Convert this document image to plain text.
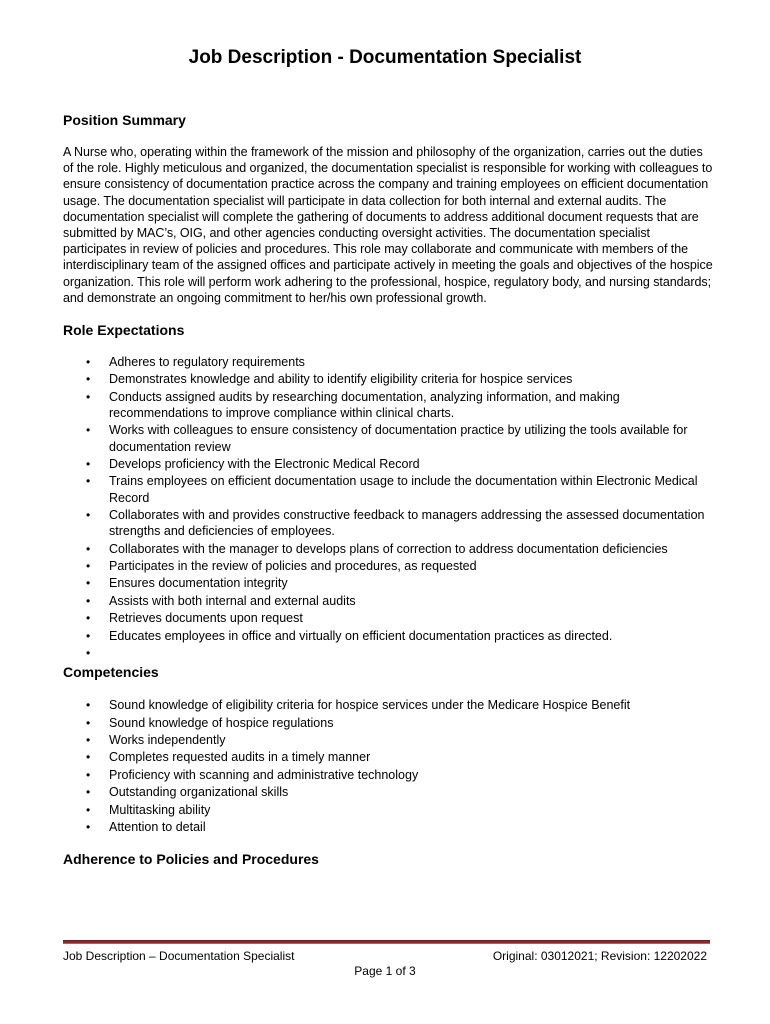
Job Description - Documentation Specialist
Position Summary

A Nurse who, operating within the framework of the mission and philosophy of the organization, carries out the duties of the role. Highly meticulous and organized, the documentation specialist is responsible for working with colleagues to ensure consistency of documentation practice across the company and training employees on efficient documentation usage. The documentation specialist will participate in data collection for both internal and external audits. The documentation specialist will complete the gathering of documents to address additional document requests that are submitted by MAC’s, OIG, and other agencies conducting oversight activities. The documentation specialist participates in review of policies and procedures. This role may collaborate and communicate with members of the interdisciplinary team of the assigned offices and participate actively in meeting the goals and objectives of the hospice organization. This role will perform work adhering to the professional, hospice, regulatory body, and nursing standards; and demonstrate an ongoing commitment to her/his own professional growth.

Role Expectations
• Adheres to regulatory requirements
• Demonstrates knowledge and ability to identify eligibility criteria for hospice services
• Conducts assigned audits by researching documentation, analyzing information, and making recommendations to improve compliance within clinical charts.
• Works with colleagues to ensure consistency of documentation practice by utilizing the tools available for documentation review
• Develops proficiency with the Electronic Medical Record
• Trains employees on efficient documentation usage to include the documentation within Electronic Medical Record
• Collaborates with and provides constructive feedback to managers addressing the assessed documentation strengths and deficiencies of employees.
• Collaborates with the manager to develops plans of correction to address documentation deficiencies
• Participates in the review of policies and procedures, as requested
• Ensures documentation integrity
• Assists with both internal and external audits
• Retrieves documents upon request
• Educates employees in office and virtually on efficient documentation practices as directed.
•

Competencies
• Sound knowledge of eligibility criteria for hospice services under the Medicare Hospice Benefit
• Sound knowledge of hospice regulations
• Works independently
• Completes requested audits in a timely manner
• Proficiency with scanning and administrative technology
• Outstanding organizational skills
• Multitasking ability
• Attention to detail
Adherence to Policies and Procedures
Job Description – Documentation Specialist	Original: 03012021; Revision: 12202022
Page 1 of 3
